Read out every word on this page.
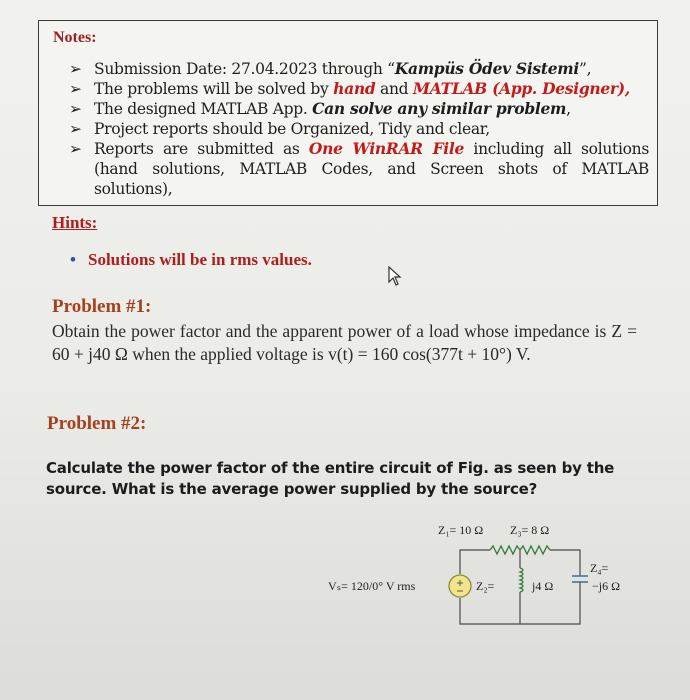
Notes:
➢ Submission Date: 27.04.2023 through “Kampüs Ödev Sistemi”,
➢ The problems will be solved by hand and MATLAB (App. Designer),
➢ The designed MATLAB App. Can solve any similar problem,
➢ Project reports should be Organized, Tidy and clear,
➢ Reports are submitted as One WinRAR File including all solutions (hand solutions, MATLAB Codes, and Screen shots of MATLAB solutions),
Hints:
• Solutions will be in rms values.
Problem #1:
Obtain the power factor and the apparent power of a load whose impedance is Z = 60 + j40 Ω when the applied voltage is v(t) = 160 cos(377t + 10°) V.
Problem #2:
Calculate the power factor of the entire circuit of Fig. as seen by the source. What is the average power supplied by the source?
Z₁= 10 Ω Z₃= 8 Ω
Vₛ= 120/0° V rms	Z₂=	j4 Ω
Z₄=
−j6 Ω
